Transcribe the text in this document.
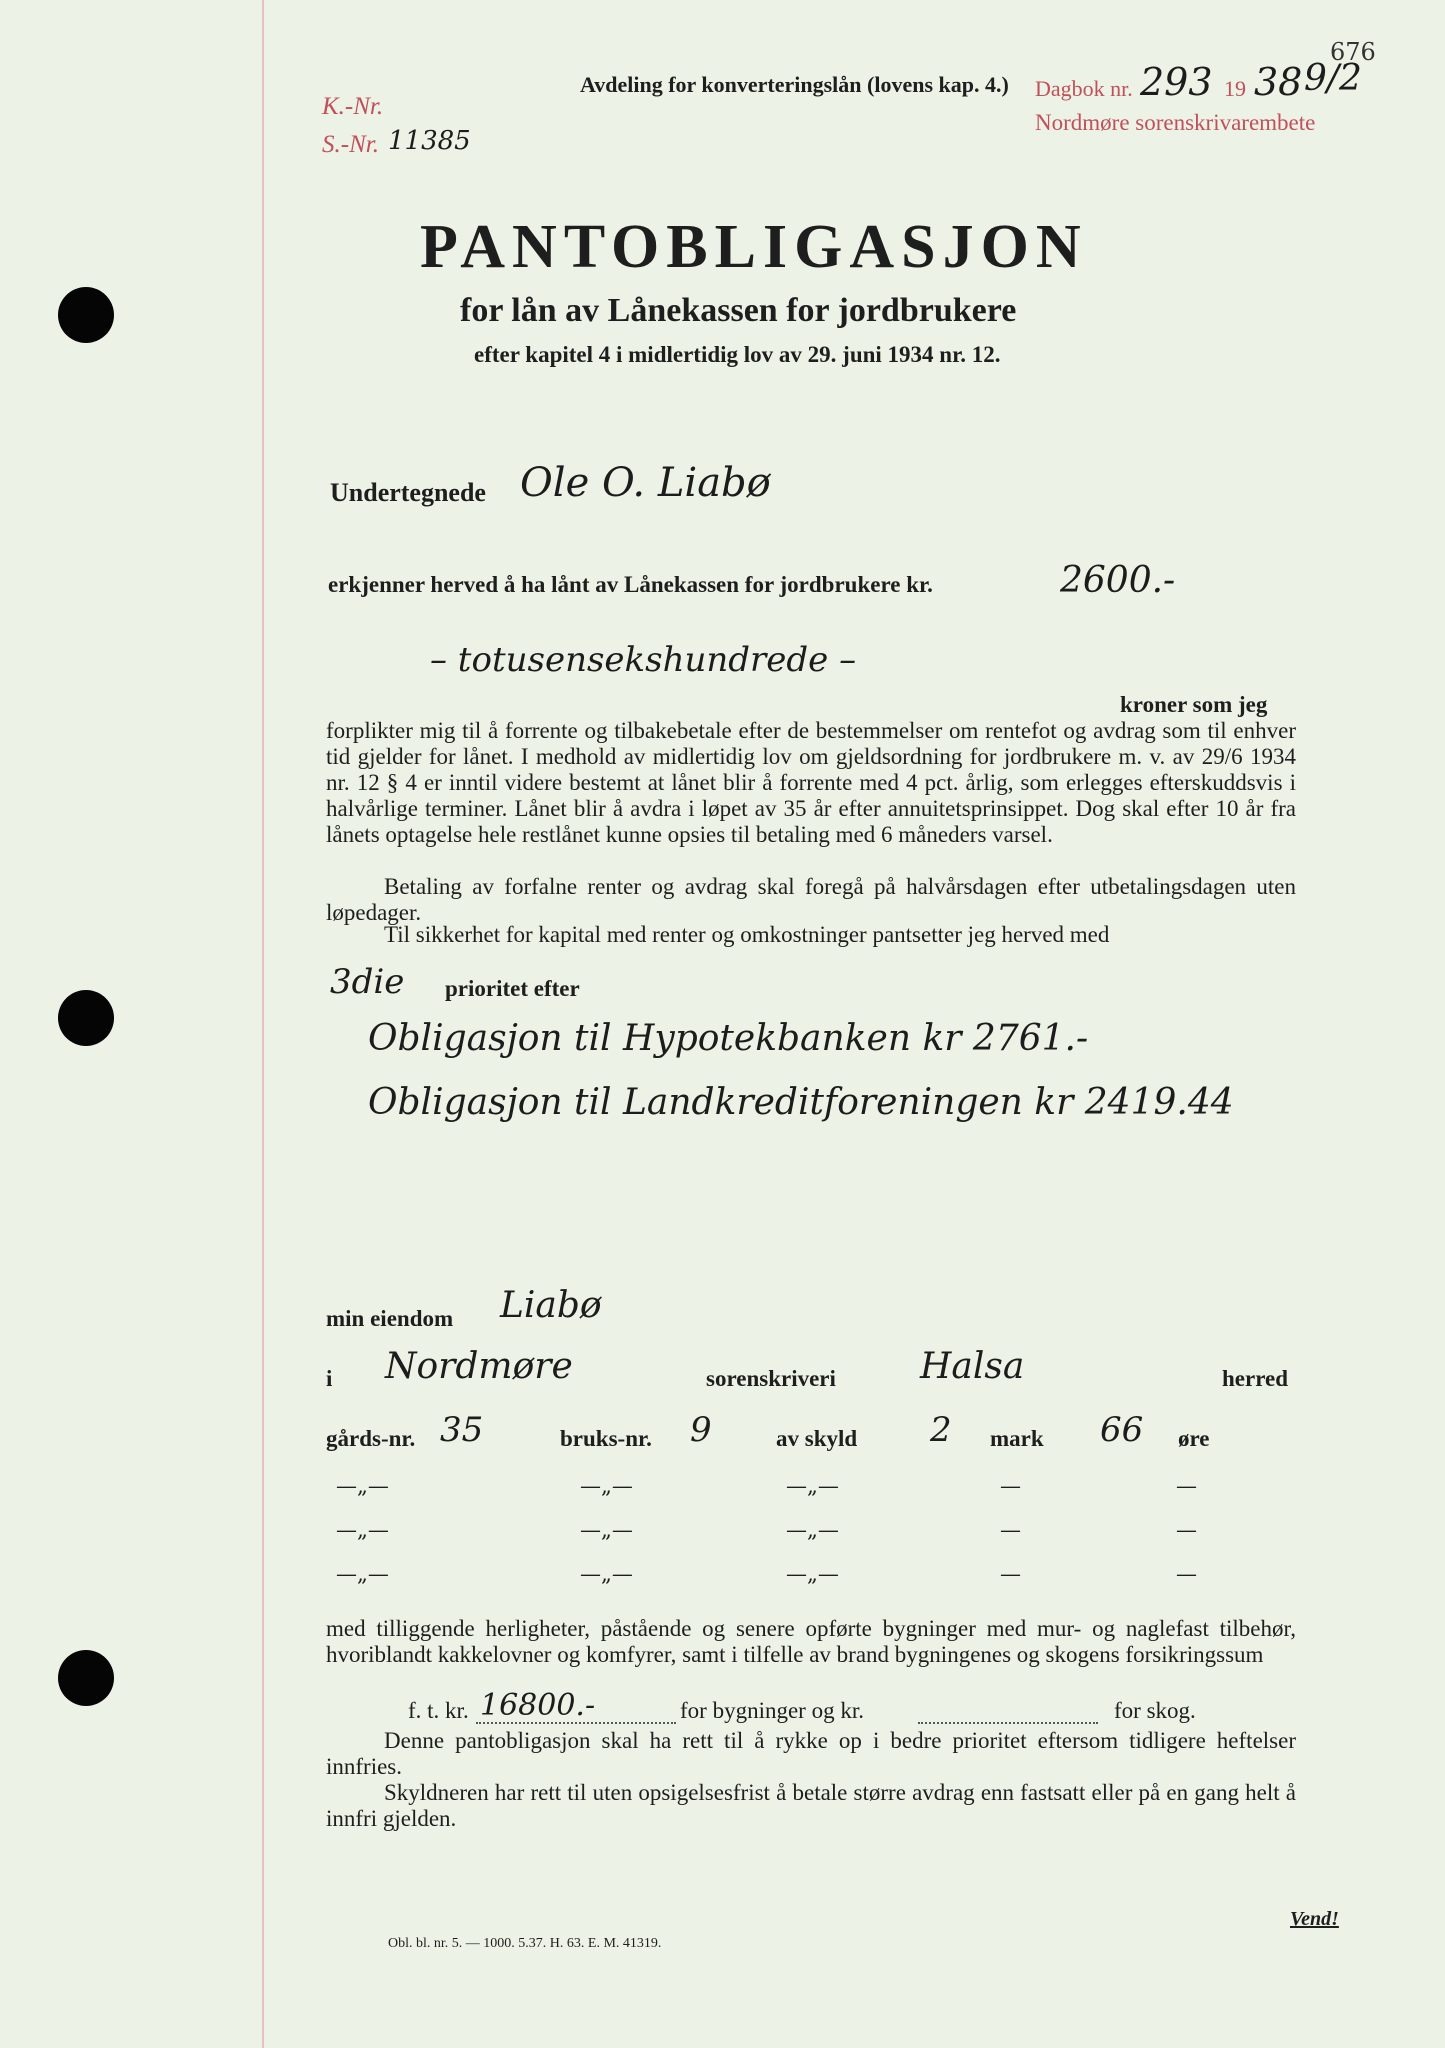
676
K.-Nr.
S.-Nr. 11385
Avdeling for konverteringslån (lovens kap. 4.) Dagbok nr. 293 19 38 9/2
Nordmøre sorenskrivarembete
PANTOBLIGASJON
for lån av Lånekassen for jordbrukere
efter kapitel 4 i midlertidig lov av 29. juni 1934 nr. 12.
Undertegnede Ole O. Liabø
erkjenner herved å ha lånt av Lånekassen for jordbrukere kr.	2600.-
– totusensekshundrede –
kroner som jeg
forplikter mig til å forrente og tilbakebetale efter de bestemmelser om rentefot og avdrag som til enhver tid gjelder for lånet. I medhold av midlertidig lov om gjeldsordning for jordbrukere m. v. av 29/6 1934 nr. 12 § 4 er inntil videre bestemt at lånet blir å forrente med 4 pct. årlig, som erlegges efterskuddsvis i halvårlige terminer. Lånet blir å avdra i løpet av 35 år efter annuitetsprinsippet. Dog skal efter 10 år fra lånets optagelse hele restlånet kunne opsies til betaling med 6 måneders varsel.
Betaling av forfalne renter og avdrag skal foregå på halvårsdagen efter utbetalingsdagen uten løpedager.
Til sikkerhet for kapital med renter og omkostninger pantsetter jeg herved med
3die prioritet efter
Obligasjon til Hypotekbanken kr 2761.-
Obligasjon til Landkreditforeningen kr 2419.44
min eiendom Liabø
i Nordmøre	sorenskriveri Halsa	herred
gårds-nr. 35	bruks-nr. 9	av skyld 2 mark 66 øre
—„—	—„—	—„—	—	—
—„—	—„—	—„—	—	—
—„—	—„—	—„—	—	—
med tilliggende herligheter, påstående og senere opførte bygninger med mur- og naglefast tilbehør, hvoriblandt kakkelovner og komfyrer, samt i tilfelle av brand bygningenes og skogens forsikringssum
f. t. kr. 16800.-	for bygninger og kr.	for skog.
Denne pantobligasjon skal ha rett til å rykke op i bedre prioritet eftersom tidligere heftelser innfries.
Skyldneren har rett til uten opsigelsesfrist å betale større avdrag enn fastsatt eller på en gang helt å innfri gjelden.
Vend!
Obl. bl. nr. 5. — 1000. 5.37. H. 63. E. M. 41319.
